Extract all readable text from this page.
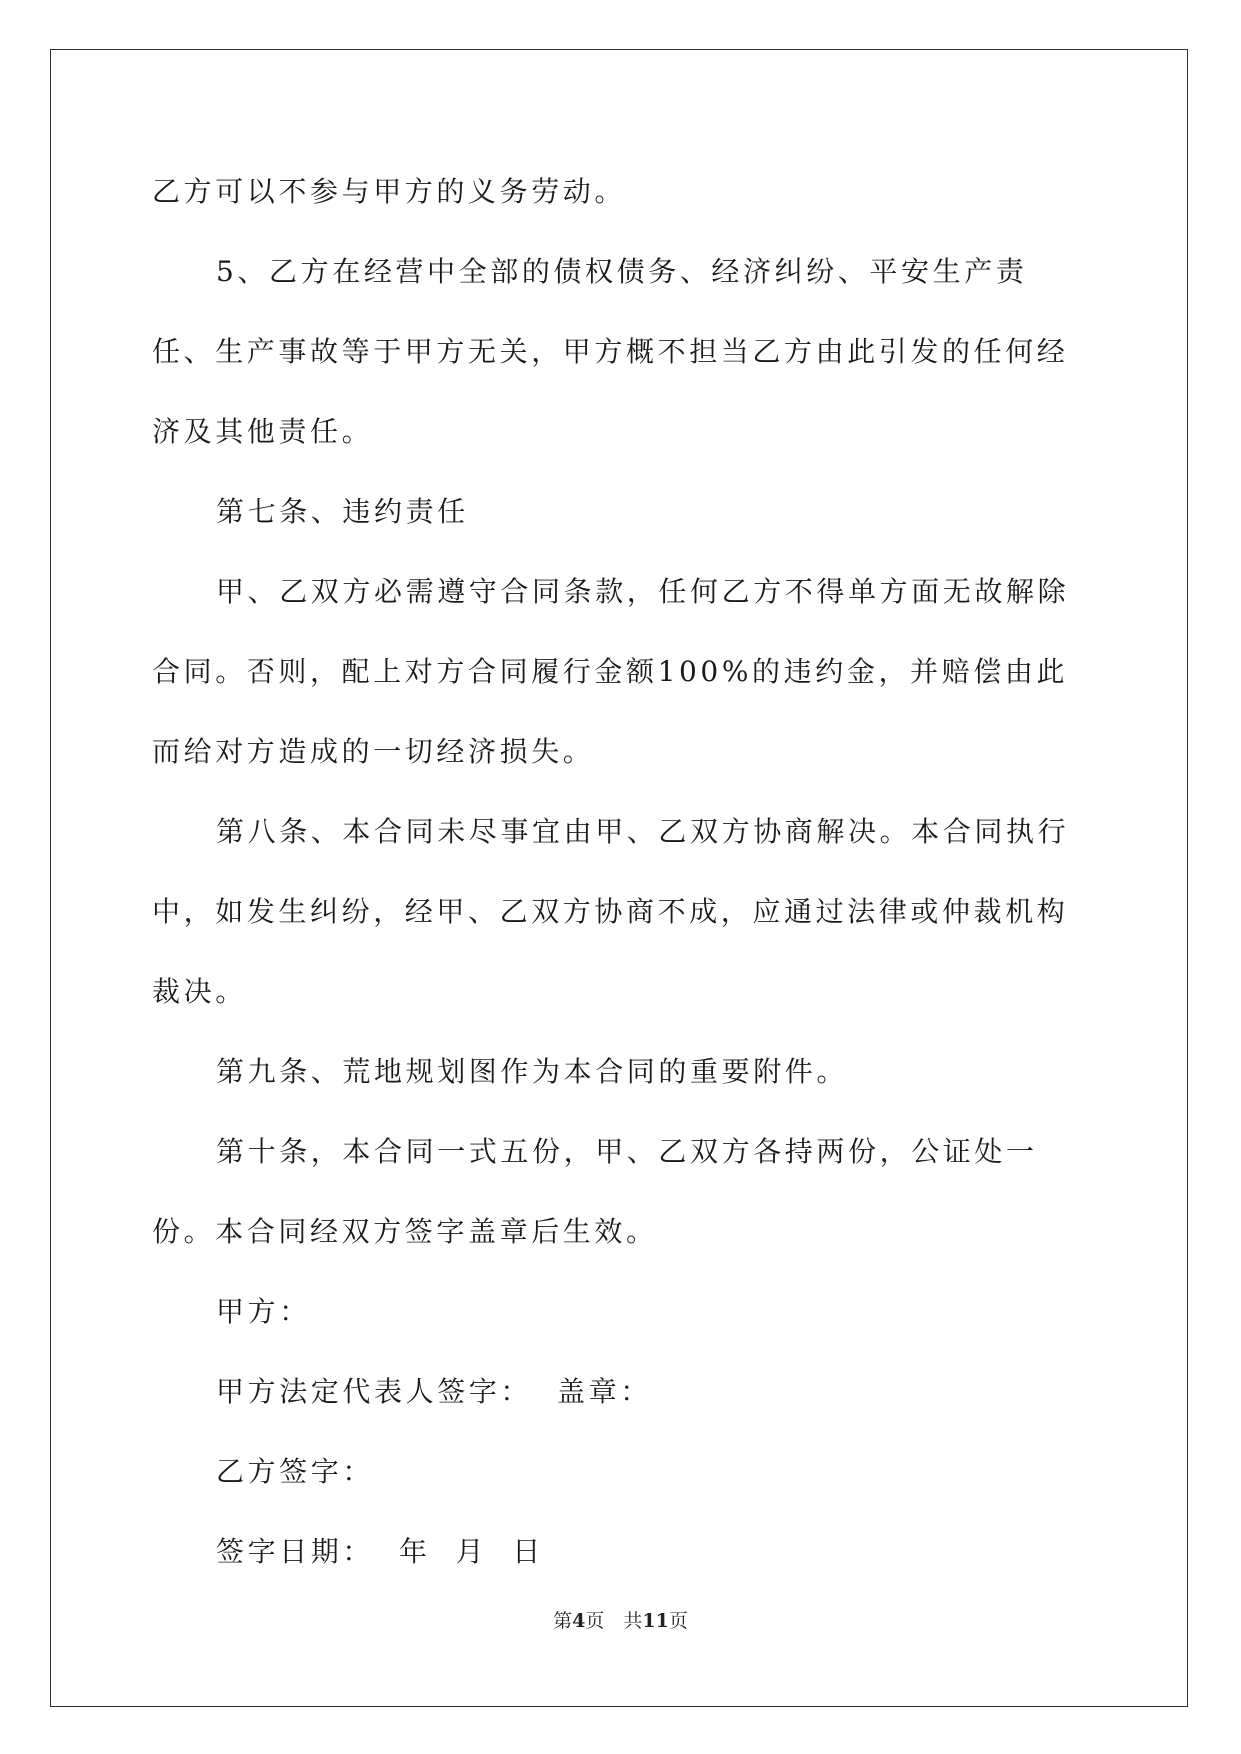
乙方可以不参与甲方的义务劳动。

5、乙方在经营中全部的债权债务、经济纠纷、平安生产责任、生产事故等于甲方无关，甲方概不担当乙方由此引发的任何经济及其他责任。

第七条、违约责任

甲、乙双方必需遵守合同条款，任何乙方不得单方面无故解除合同。否则，配上对方合同履行金额100%的违约金，并赔偿由此而给对方造成的一切经济损失。

第八条、本合同未尽事宜由甲、乙双方协商解决。本合同执行中，如发生纠纷，经甲、乙双方协商不成，应通过法律或仲裁机构裁决。

第九条、荒地规划图作为本合同的重要附件。

第十条，本合同一式五份，甲、乙双方各持两份，公证处一份。本合同经双方签字盖章后生效。

甲方：

甲方法定代表人签字：  盖章：

乙方签字：

签字日期：  年  月  日

第4页　共11页
